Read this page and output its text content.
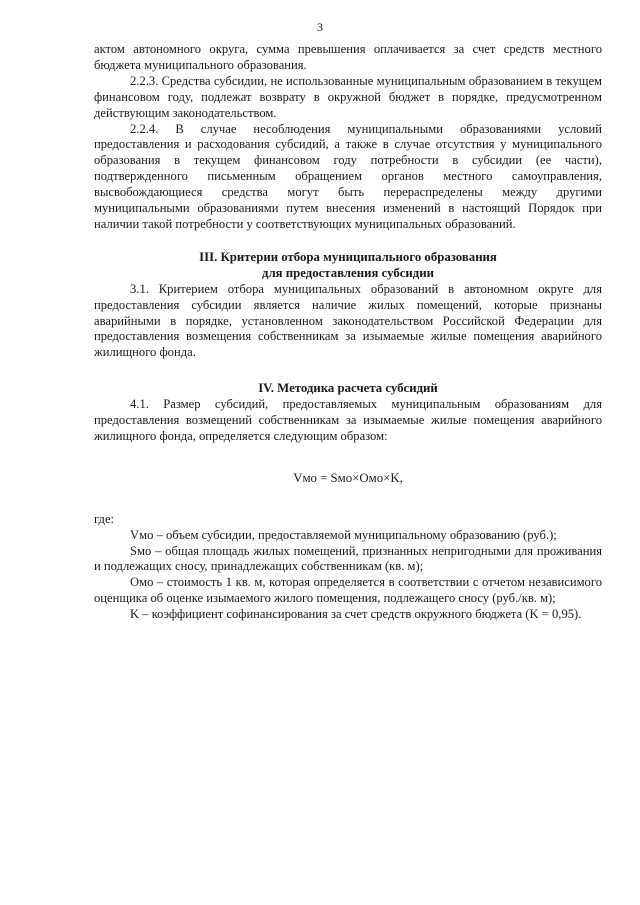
3

актом автономного округа, сумма превышения оплачивается за счет средств местного бюджета муниципального образования.

2.2.3. Средства субсидии, не использованные муниципальным образованием в текущем финансовом году, подлежат возврату в окружной бюджет в порядке, предусмотренном действующим законодательством.

2.2.4. В случае несоблюдения муниципальными образованиями условий предоставления и расходования субсидий, а также в случае отсутствия у муниципального образования в текущем финансовом году потребности в субсидии (ее части), подтвержденного письменным обращением органов местного самоуправления, высвобождающиеся средства могут быть перераспределены между другими муниципальными образованиями путем внесения изменений в настоящий Порядок при наличии такой потребности у соответствующих муниципальных образований.

III. Критерии отбора муниципального образования
для предоставления субсидии

3.1. Критерием отбора муниципальных образований в автономном округе для предоставления субсидии является наличие жилых помещений, которые признаны аварийными в порядке, установленном законодательством Российской Федерации для предоставления возмещения собственникам за изымаемые жилые помещения аварийного жилищного фонда.

IV. Методика расчета субсидий

4.1. Размер субсидий, предоставляемых муниципальным образованиям для предоставления возмещений собственникам за изымаемые жилые помещения аварийного жилищного фонда, определяется следующим образом:

Vмо = Sмо×Омо×K,

где:

Vмо – объем субсидии, предоставляемой муниципальному образованию (руб.);

Sмо – общая площадь жилых помещений, признанных непригодными для проживания и подлежащих сносу, принадлежащих собственникам (кв. м);

Омо – стоимость 1 кв. м, которая определяется в соответствии с отчетом независимого оценщика об оценке изымаемого жилого помещения, подлежащего сносу (руб./кв. м);

K – коэффициент софинансирования за счет средств окружного бюджета (K = 0,95).
